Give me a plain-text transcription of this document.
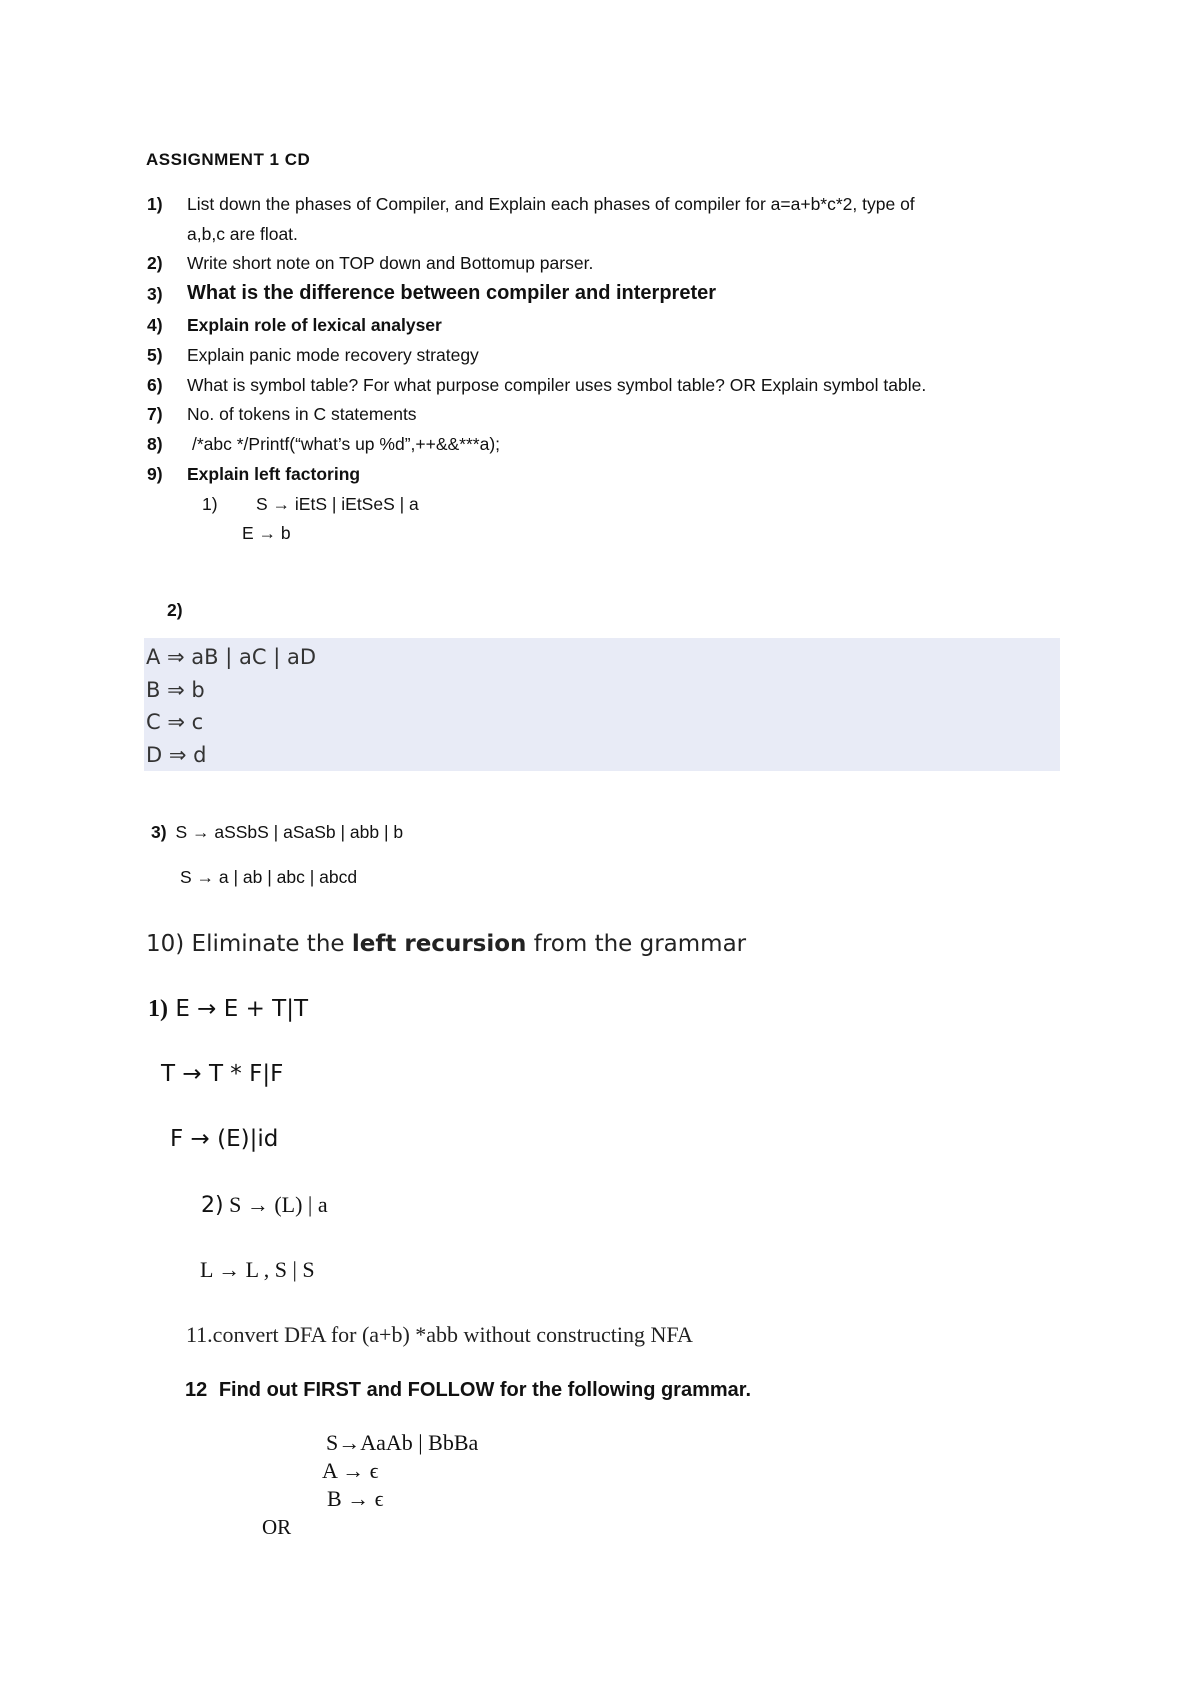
ASSIGNMENT 1 CD
1) List down the phases of Compiler, and Explain each phases of compiler for a=a+b*c*2, type of
a,b,c are float.
2) Write short note on TOP down and Bottomup parser.
3) What is the difference between compiler and interpreter
4) Explain role of lexical analyser
5) Explain panic mode recovery strategy
6) What is symbol table? For what purpose compiler uses symbol table? OR Explain symbol table.
7) No. of tokens in C statements
8) /*abc */Printf(“what’s up %d”,++&&***a);
9) Explain left factoring
1) S → iEtS | iEtSeS | a
E → b
2)
A ⇒ aB | aC | aD
B ⇒ b
C ⇒ c
D ⇒ d
3) S → aSSbS | aSaSb | abb | b
S → a | ab | abc | abcd
10) Eliminate the left recursion from the grammar
1) E → E + T|T
T → T * F|F
F → (E)|id
2) S → (L) | a
L → L , S | S
11.convert DFA for (a+b) *abb without constructing NFA
12 Find out FIRST and FOLLOW for the following grammar.
S→AaAb | BbBa
A → ϵ
B → ϵ
OR
